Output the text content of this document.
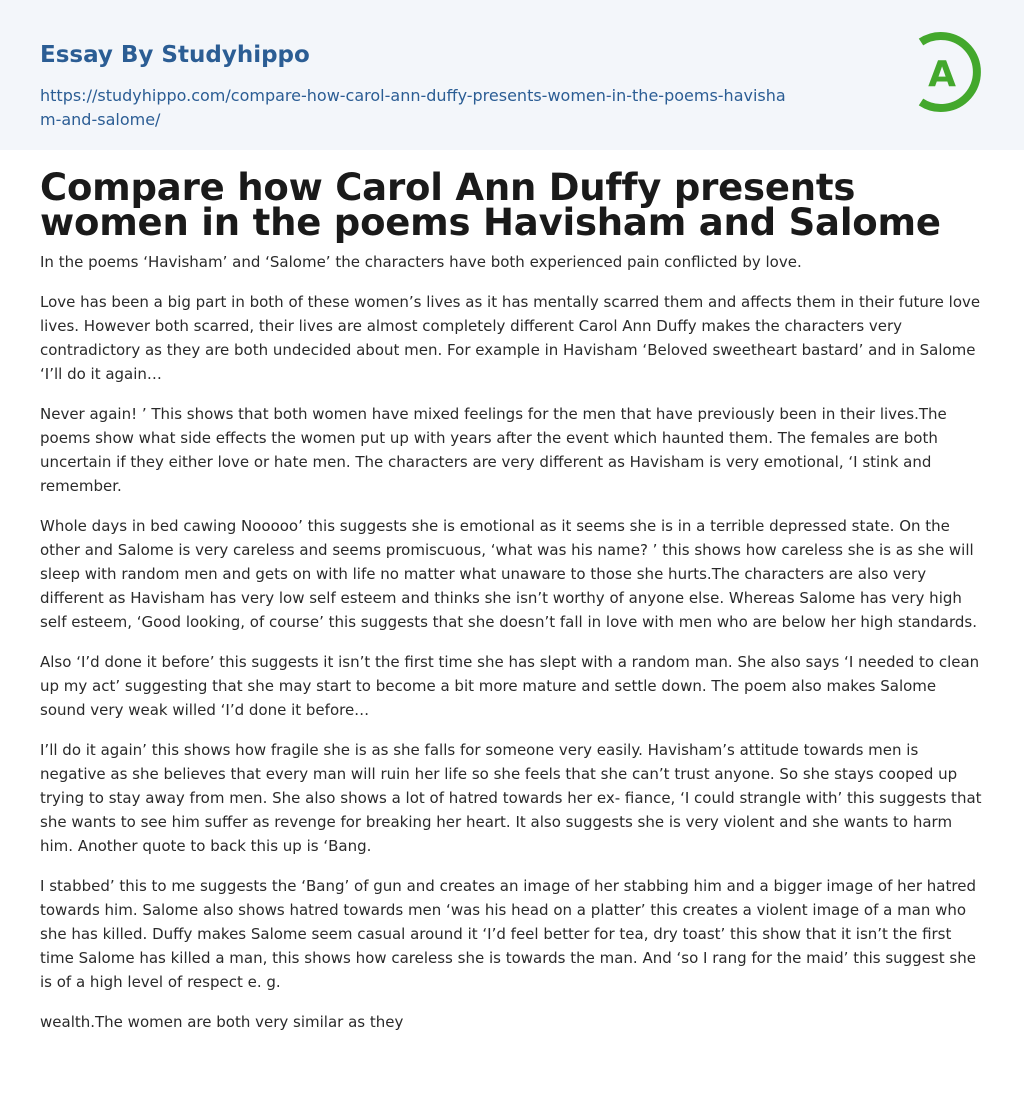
Essay By Studyhippo
https://studyhippo.com/compare-how-carol-ann-duffy-presents-women-in-the-poems-havisham-and-salome/
A
Compare how Carol Ann Duffy presents women in the poems Havisham and Salome

In the poems ‘Havisham’ and ‘Salome’ the characters have both experienced pain conflicted by love.

Love has been a big part in both of these women’s lives as it has mentally scarred them and affects them in their future love lives. However both scarred, their lives are almost completely different Carol Ann Duffy makes the characters very contradictory as they are both undecided about men. For example in Havisham ‘Beloved sweetheart bastard’ and in Salome ‘I’ll do it again…

Never again! ’ This shows that both women have mixed feelings for the men that have previously been in their lives.The poems show what side effects the women put up with years after the event which haunted them. The females are both uncertain if they either love or hate men. The characters are very different as Havisham is very emotional, ‘I stink and remember.

Whole days in bed cawing Nooooo’ this suggests she is emotional as it seems she is in a terrible depressed state. On the other and Salome is very careless and seems promiscuous, ‘what was his name? ’ this shows how careless she is as she will sleep with random men and gets on with life no matter what unaware to those she hurts.The characters are also very different as Havisham has very low self esteem and thinks she isn’t worthy of anyone else. Whereas Salome has very high self esteem, ‘Good looking, of course’ this suggests that she doesn’t fall in love with men who are below her high standards.

Also ‘I’d done it before’ this suggests it isn’t the first time she has slept with a random man. She also says ‘I needed to clean up my act’ suggesting that she may start to become a bit more mature and settle down. The poem also makes Salome sound very weak willed ‘I’d done it before…

I’ll do it again’ this shows how fragile she is as she falls for someone very easily. Havisham’s attitude towards men is negative as she believes that every man will ruin her life so she feels that she can’t trust anyone. So she stays cooped up trying to stay away from men. She also shows a lot of hatred towards her ex- fiance, ‘I could strangle with’ this suggests that she wants to see him suffer as revenge for breaking her heart. It also suggests she is very violent and she wants to harm him. Another quote to back this up is ‘Bang.

I stabbed’ this to me suggests the ‘Bang’ of gun and creates an image of her stabbing him and a bigger image of her hatred towards him. Salome also shows hatred towards men ‘was his head on a platter’ this creates a violent image of a man who she has killed. Duffy makes Salome seem casual around it ‘I’d feel better for tea, dry toast’ this show that it isn’t the first time Salome has killed a man, this shows how careless she is towards the man. And ‘so I rang for the maid’ this suggest she is of a high level of respect e. g.

wealth.The women are both very similar as they
